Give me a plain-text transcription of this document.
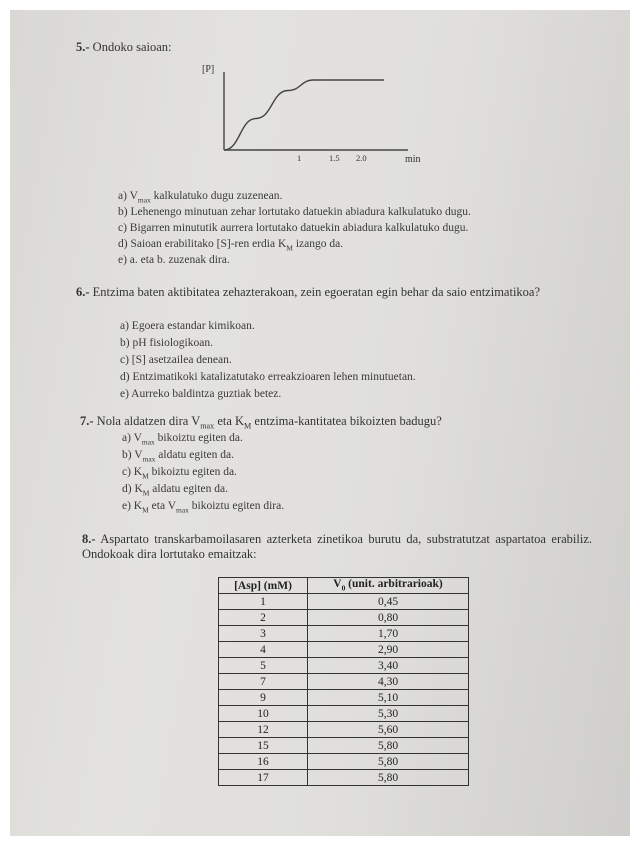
5.- Ondoko saioan:
[P]
1	1.5 2.0	min
a) $V_{max}$ kalkulatuko dugu zuzenean.
b) Lehenengo minutuan zehar lortutako datuekin abiadura kalkulatuko dugu.
c) Bigarren minututik aurrera lortutako datuekin abiadura kalkulatuko dugu.
d) Saioan erabilitako [S]-ren erdia $K_M$ izango da.
e) a. eta b. zuzenak dira.
6.- Entzima baten aktibitatea zehazterakoan, zein egoeratan egin behar da saio entzimatikoa?
a) Egoera estandar kimikoan.
b) pH fisiologikoan.
c) [S] asetzailea denean.
d) Entzimatikoki katalizatutako erreakzioaren lehen minutuetan.
e) Aurreko baldintza guztiak betez.
7.- Nola aldatzen dira $V_{max}$ eta $K_M$ entzima-kantitatea bikoizten badugu?
a) $V_{max}$ bikoiztu egiten da.
b) $V_{max}$ aldatu egiten da.
c) $K_M$ bikoiztu egiten da.
d) $K_M$ aldatu egiten da.
e) $K_M$ eta $V_{max}$ bikoiztu egiten dira.
8.- Aspartato transkarbamoilasaren azterketa zinetikoa burutu da, substratutzat aspartatoa erabiliz. Ondokoak dira lortutako emaitzak:
[Asp] (mM)	$V_0$ (unit. arbitrarioak)
1	0,45
2	0,80
3	1,70
4	2,90
5	3,40
7	4,30
9	5,10
10	5,30
12	5,60
15	5,80
16	5,80
17	5,80
